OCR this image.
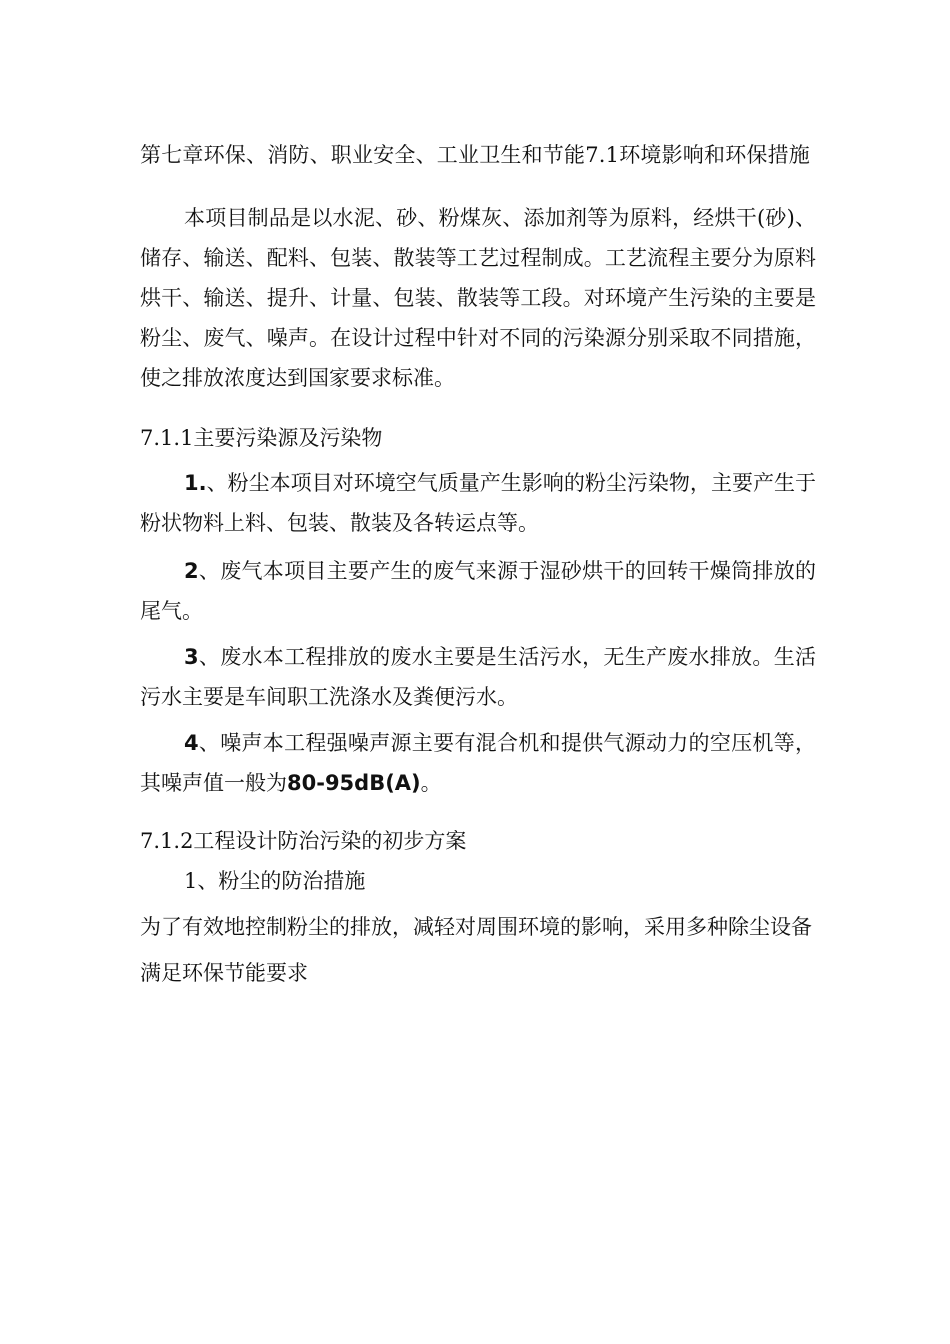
第七章环保、消防、职业安全、工业卫生和节能7.1环境影响和环保措施

本项目制品是以水泥、砂、粉煤灰、添加剂等为原料，经烘干(砂)、储存、输送、配料、包装、散装等工艺过程制成。工艺流程主要分为原料烘干、输送、提升、计量、包装、散装等工段。对环境产生污染的主要是粉尘、废气、噪声。在设计过程中针对不同的污染源分别采取不同措施，使之排放浓度达到国家要求标准。

7.1.1主要污染源及污染物

1.、粉尘本项目对环境空气质量产生影响的粉尘污染物，主要产生于粉状物料上料、包装、散装及各转运点等。

2、废气本项目主要产生的废气来源于湿砂烘干的回转干燥筒排放的尾气。

3、废水本工程排放的废水主要是生活污水，无生产废水排放。生活污水主要是车间职工洗涤水及粪便污水。

4、噪声本工程强噪声源主要有混合机和提供气源动力的空压机等，其噪声值一般为80-95dB(A)。

7.1.2工程设计防治污染的初步方案

1、粉尘的防治措施

为了有效地控制粉尘的排放，减轻对周围环境的影响，采用多种除尘设备满足环保节能要求
